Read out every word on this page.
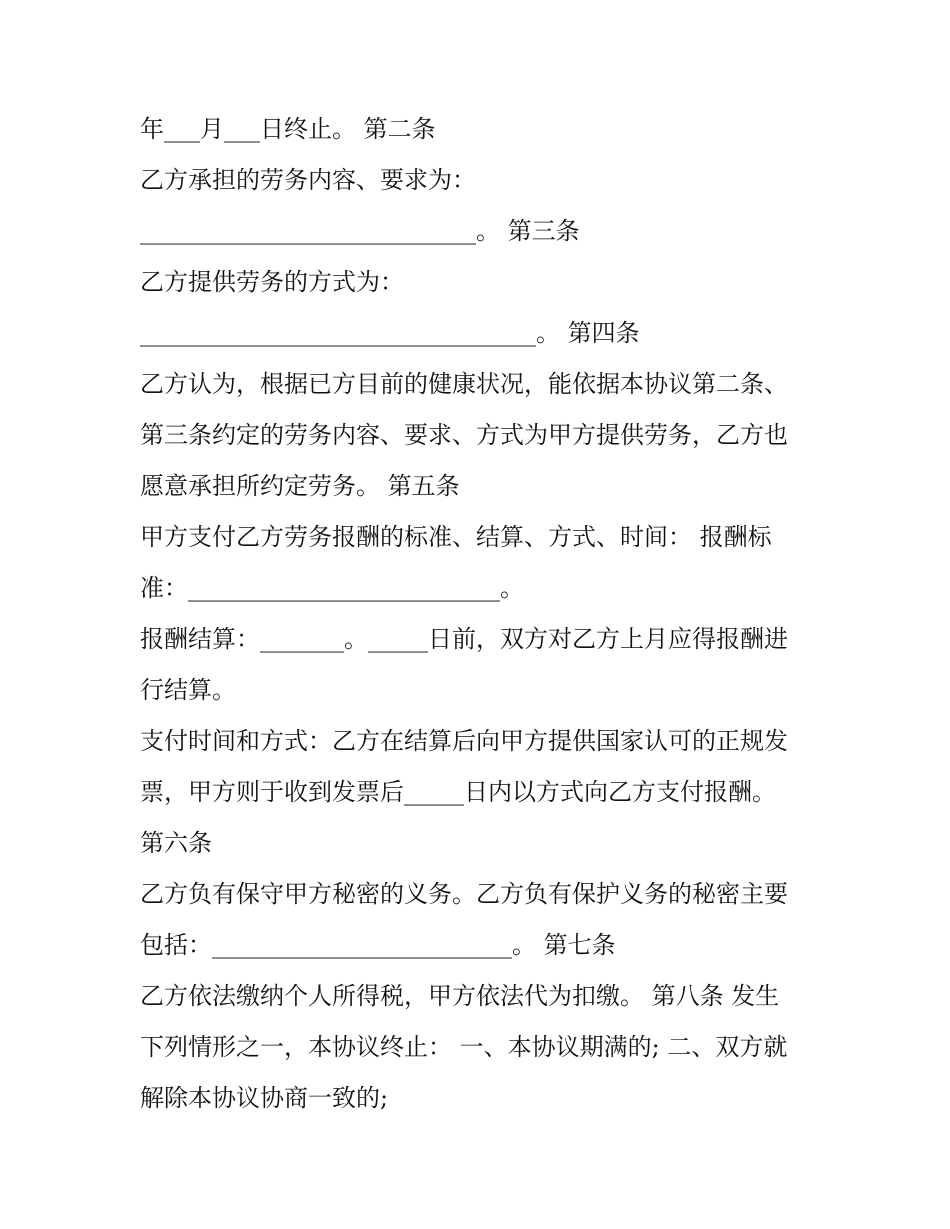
年___月___日终止。 第二条
乙方承担的劳务内容、要求为：
____________________________。 第三条
乙方提供劳务的方式为：
_________________________________。 第四条
乙方认为，根据已方目前的健康状况，能依据本协议第二条、
第三条约定的劳务内容、要求、方式为甲方提供劳务，乙方也
愿意承担所约定劳务。 第五条
甲方支付乙方劳务报酬的标准、结算、方式、时间： 报酬标
准：__________________________。
报酬结算：_______。_____日前，双方对乙方上月应得报酬进
行结算。
支付时间和方式：乙方在结算后向甲方提供国家认可的正规发
票，甲方则于收到发票后_____日内以方式向乙方支付报酬。
第六条
乙方负有保守甲方秘密的义务。乙方负有保护义务的秘密主要
包括：_________________________。 第七条
乙方依法缴纳个人所得税，甲方依法代为扣缴。 第八条 发生
下列情形之一，本协议终止： 一、本协议期满的; 二、双方就
解除本协议协商一致的;
